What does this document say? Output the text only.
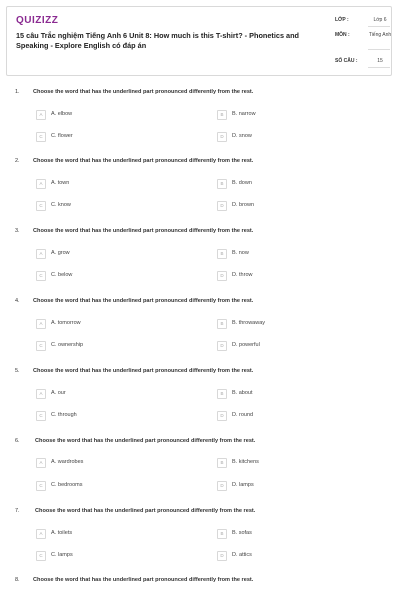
QUIZIZZ
15 câu Trắc nghiệm Tiếng Anh 6 Unit 8: How much is this T-shirt? - Phonetics and Speaking - Explore English có đáp án
LỚP :	Lớp 6
MÔN :	Tiếng Anh
SỐ CÂU :	15
1. Choose the word that has the underlined part pronounced differently from the rest.
A	A. elbow	B	B. narrow
C	C. flower	D	D. snow
2. Choose the word that has the underlined part pronounced differently from the rest.
A	A. town	B	B. down
C	C. know	D	D. brown
3. Choose the word that has the underlined part pronounced differently from the rest.
A	A. grow	B	B. now
C	C. below	D	D. throw
4. Choose the word that has the underlined part pronounced differently from the rest.
A	A. tomorrow	B	B. throwaway
C	C. ownership	D	D. powerful
5. Choose the word that has the underlined part pronounced differently from the rest.
A	A. our	B	B. about
C	C. through	D	D. round
6.	Choose the word that has the underlined part pronounced differently from the rest.
A	A. wardrobes	B	B. kitchens
C	C. bedrooms	D	D. lamps
7.	Choose the word that has the underlined part pronounced differently from the rest.
A	A. toilets	B	B. sofas
C	C. lamps	D	D. attics
8. Choose the word that has the underlined part pronounced differently from the rest.
